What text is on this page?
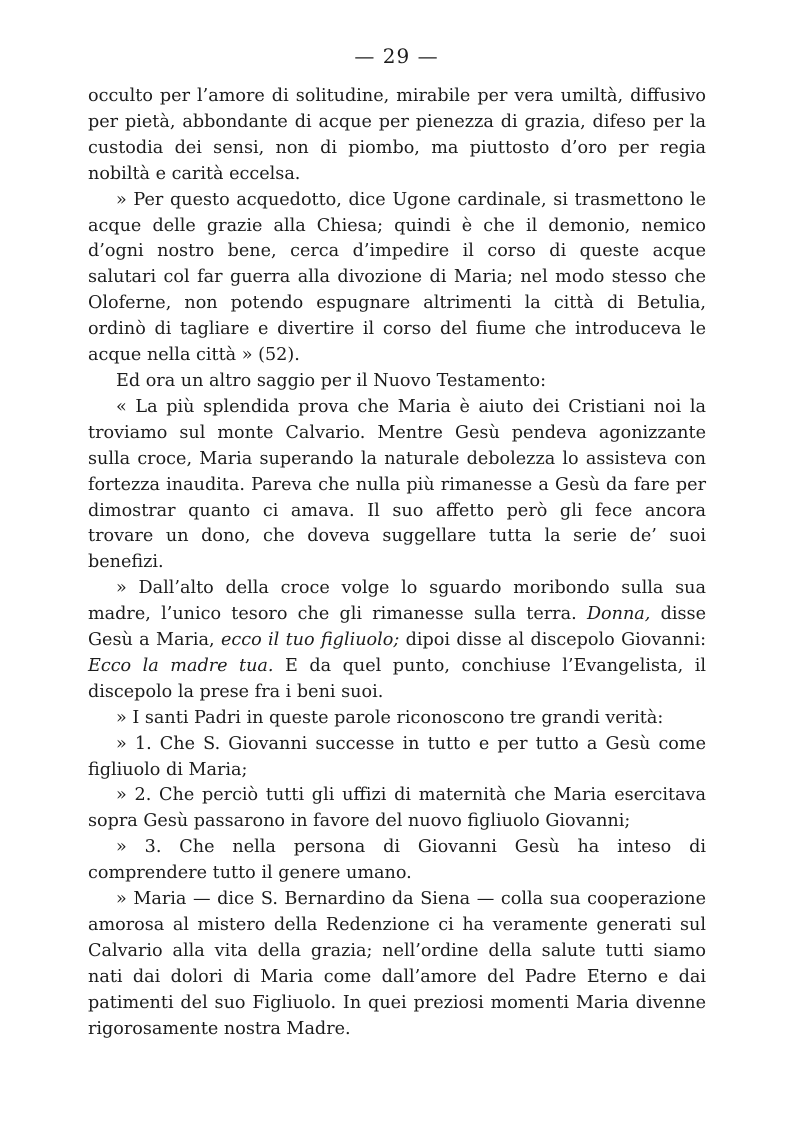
— 29 —

occulto per l’amore di solitudine, mirabile per vera umiltà, diffusivo per pietà, abbondante di acque per pienezza di grazia, difeso per la custodia dei sensi, non di piombo, ma piuttosto d’oro per regia nobiltà e carità eccelsa.

» Per questo acquedotto, dice Ugone cardinale, si trasmettono le acque delle grazie alla Chiesa; quindi è che il demonio, nemico d’ogni nostro bene, cerca d’impedire il corso di queste acque salutari col far guerra alla divozione di Maria; nel modo stesso che Oloferne, non potendo espugnare altrimenti la città di Betulia, ordinò di tagliare e divertire il corso del fiume che introduceva le acque nella città » (52).

Ed ora un altro saggio per il Nuovo Testamento:

« La più splendida prova che Maria è aiuto dei Cristiani noi la troviamo sul monte Calvario. Mentre Gesù pendeva agonizzante sulla croce, Maria superando la naturale debolezza lo assisteva con fortezza inaudita. Pareva che nulla più rimanesse a Gesù da fare per dimostrar quanto ci amava. Il suo affetto però gli fece ancora trovare un dono, che doveva suggellare tutta la serie de’ suoi benefizi.

» Dall’alto della croce volge lo sguardo moribondo sulla sua madre, l’unico tesoro che gli rimanesse sulla terra. Donna, disse Gesù a Maria, ecco il tuo figliuolo; dipoi disse al discepolo Giovanni: Ecco la madre tua. E da quel punto, conchiuse l’Evangelista, il discepolo la prese fra i beni suoi.

» I santi Padri in queste parole riconoscono tre grandi verità:

» 1. Che S. Giovanni successe in tutto e per tutto a Gesù come figliuolo di Maria;

» 2. Che perciò tutti gli uffizi di maternità che Maria esercitava sopra Gesù passarono in favore del nuovo figliuolo Giovanni;

» 3. Che nella persona di Giovanni Gesù ha inteso di comprendere tutto il genere umano.

» Maria — dice S. Bernardino da Siena — colla sua cooperazione amorosa al mistero della Redenzione ci ha veramente generati sul Calvario alla vita della grazia; nell’ordine della salute tutti siamo nati dai dolori di Maria come dall’amore del Padre Eterno e dai patimenti del suo Figliuolo. In quei preziosi momenti Maria divenne rigorosamente nostra Madre.
